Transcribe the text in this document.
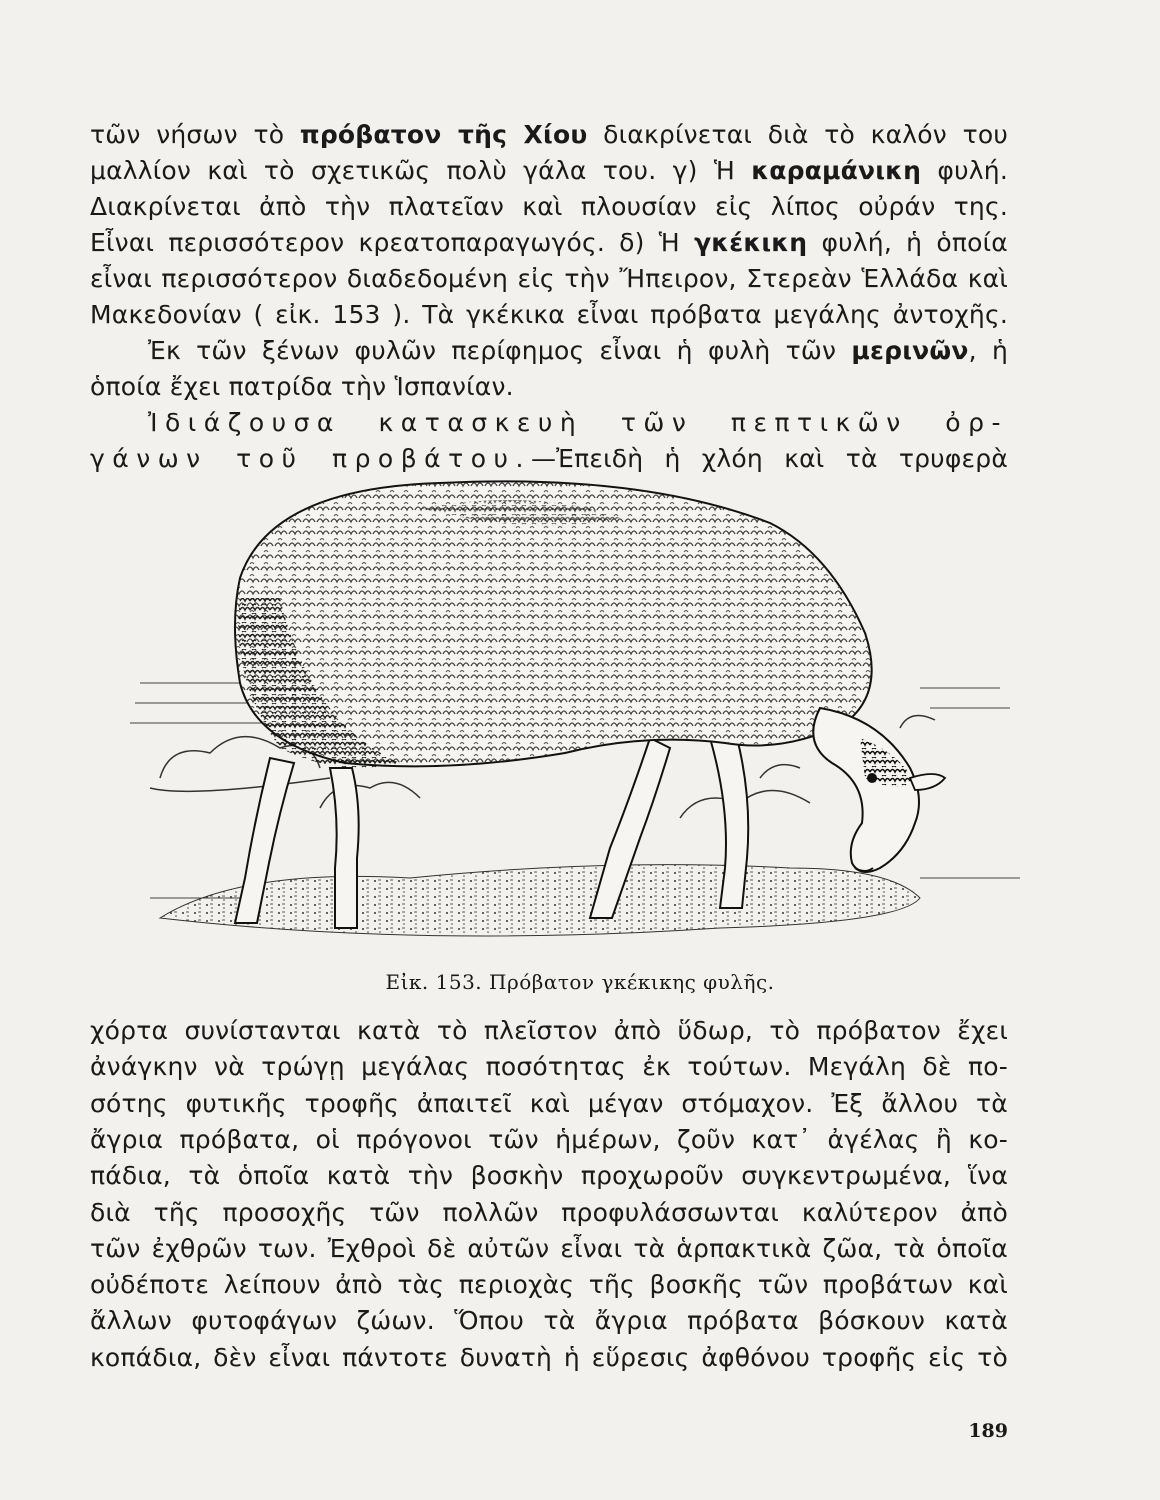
τῶν νήσων τὸ πρόβατον τῆς Χίου διακρίνεται διὰ τὸ καλόν του
μαλλίον καὶ τὸ σχετικῶς πολὺ γάλα του. γ) Ἡ καραμάνικη φυλή.
Διακρίνεται ἀπὸ τὴν πλατεῖαν καὶ πλουσίαν εἰς λίπος οὐράν της.
Εἶναι περισσότερον κρεατοπαραγωγός. δ) Ἡ γκέκικη φυλή, ἡ ὁποία
εἶναι περισσότερον διαδεδομένη εἰς τὴν Ἤπειρον, Στερεὰν Ἑλλάδα καὶ
Μακεδονίαν ( εἰκ. 153 ). Τὰ γκέκικα εἶναι πρόβατα μεγάλης ἀντοχῆς.
Ἐκ τῶν ξένων φυλῶν περίφημος εἶναι ἡ φυλὴ τῶν μερινῶν, ἡ
ὁποία ἔχει πατρίδα τὴν Ἱσπανίαν.
Ἰδιάζουσα κατασκευὴ τῶν πεπτικῶν ὀρ-
γάνων τοῦ προβάτου.—Ἐπειδὴ ἡ χλόη καὶ τὰ τρυφερὰ
Εἰκ. 153. Πρόβατον γκέκικης φυλῆς.
χόρτα συνίστανται κατὰ τὸ πλεῖστον ἀπὸ ὕδωρ, τὸ πρόβατον ἔχει
ἀνάγκην νὰ τρώγῃ μεγάλας ποσότητας ἐκ τούτων. Μεγάλη δὲ πο-
σότης φυτικῆς τροφῆς ἀπαιτεῖ καὶ μέγαν στόμαχον. Ἐξ ἄλλου τὰ
ἄγρια πρόβατα, οἱ πρόγονοι τῶν ἡμέρων, ζοῦν κατ᾽ ἀγέλας ἢ κο-
πάδια, τὰ ὁποῖα κατὰ τὴν βοσκὴν προχωροῦν συγκεντρωμένα, ἵνα
διὰ τῆς προσοχῆς τῶν πολλῶν προφυλάσσωνται καλύτερον ἀπὸ
τῶν ἐχθρῶν των. Ἐχθροὶ δὲ αὐτῶν εἶναι τὰ ἁρπακτικὰ ζῶα, τὰ ὁποῖα
οὐδέποτε λείπουν ἀπὸ τὰς περιοχὰς τῆς βοσκῆς τῶν προβάτων καὶ
ἄλλων φυτοφάγων ζώων. Ὅπου τὰ ἄγρια πρόβατα βόσκουν κατὰ
κοπάδια, δὲν εἶναι πάντοτε δυνατὴ ἡ εὕρεσις ἀφθόνου τροφῆς εἰς τὸ
189
